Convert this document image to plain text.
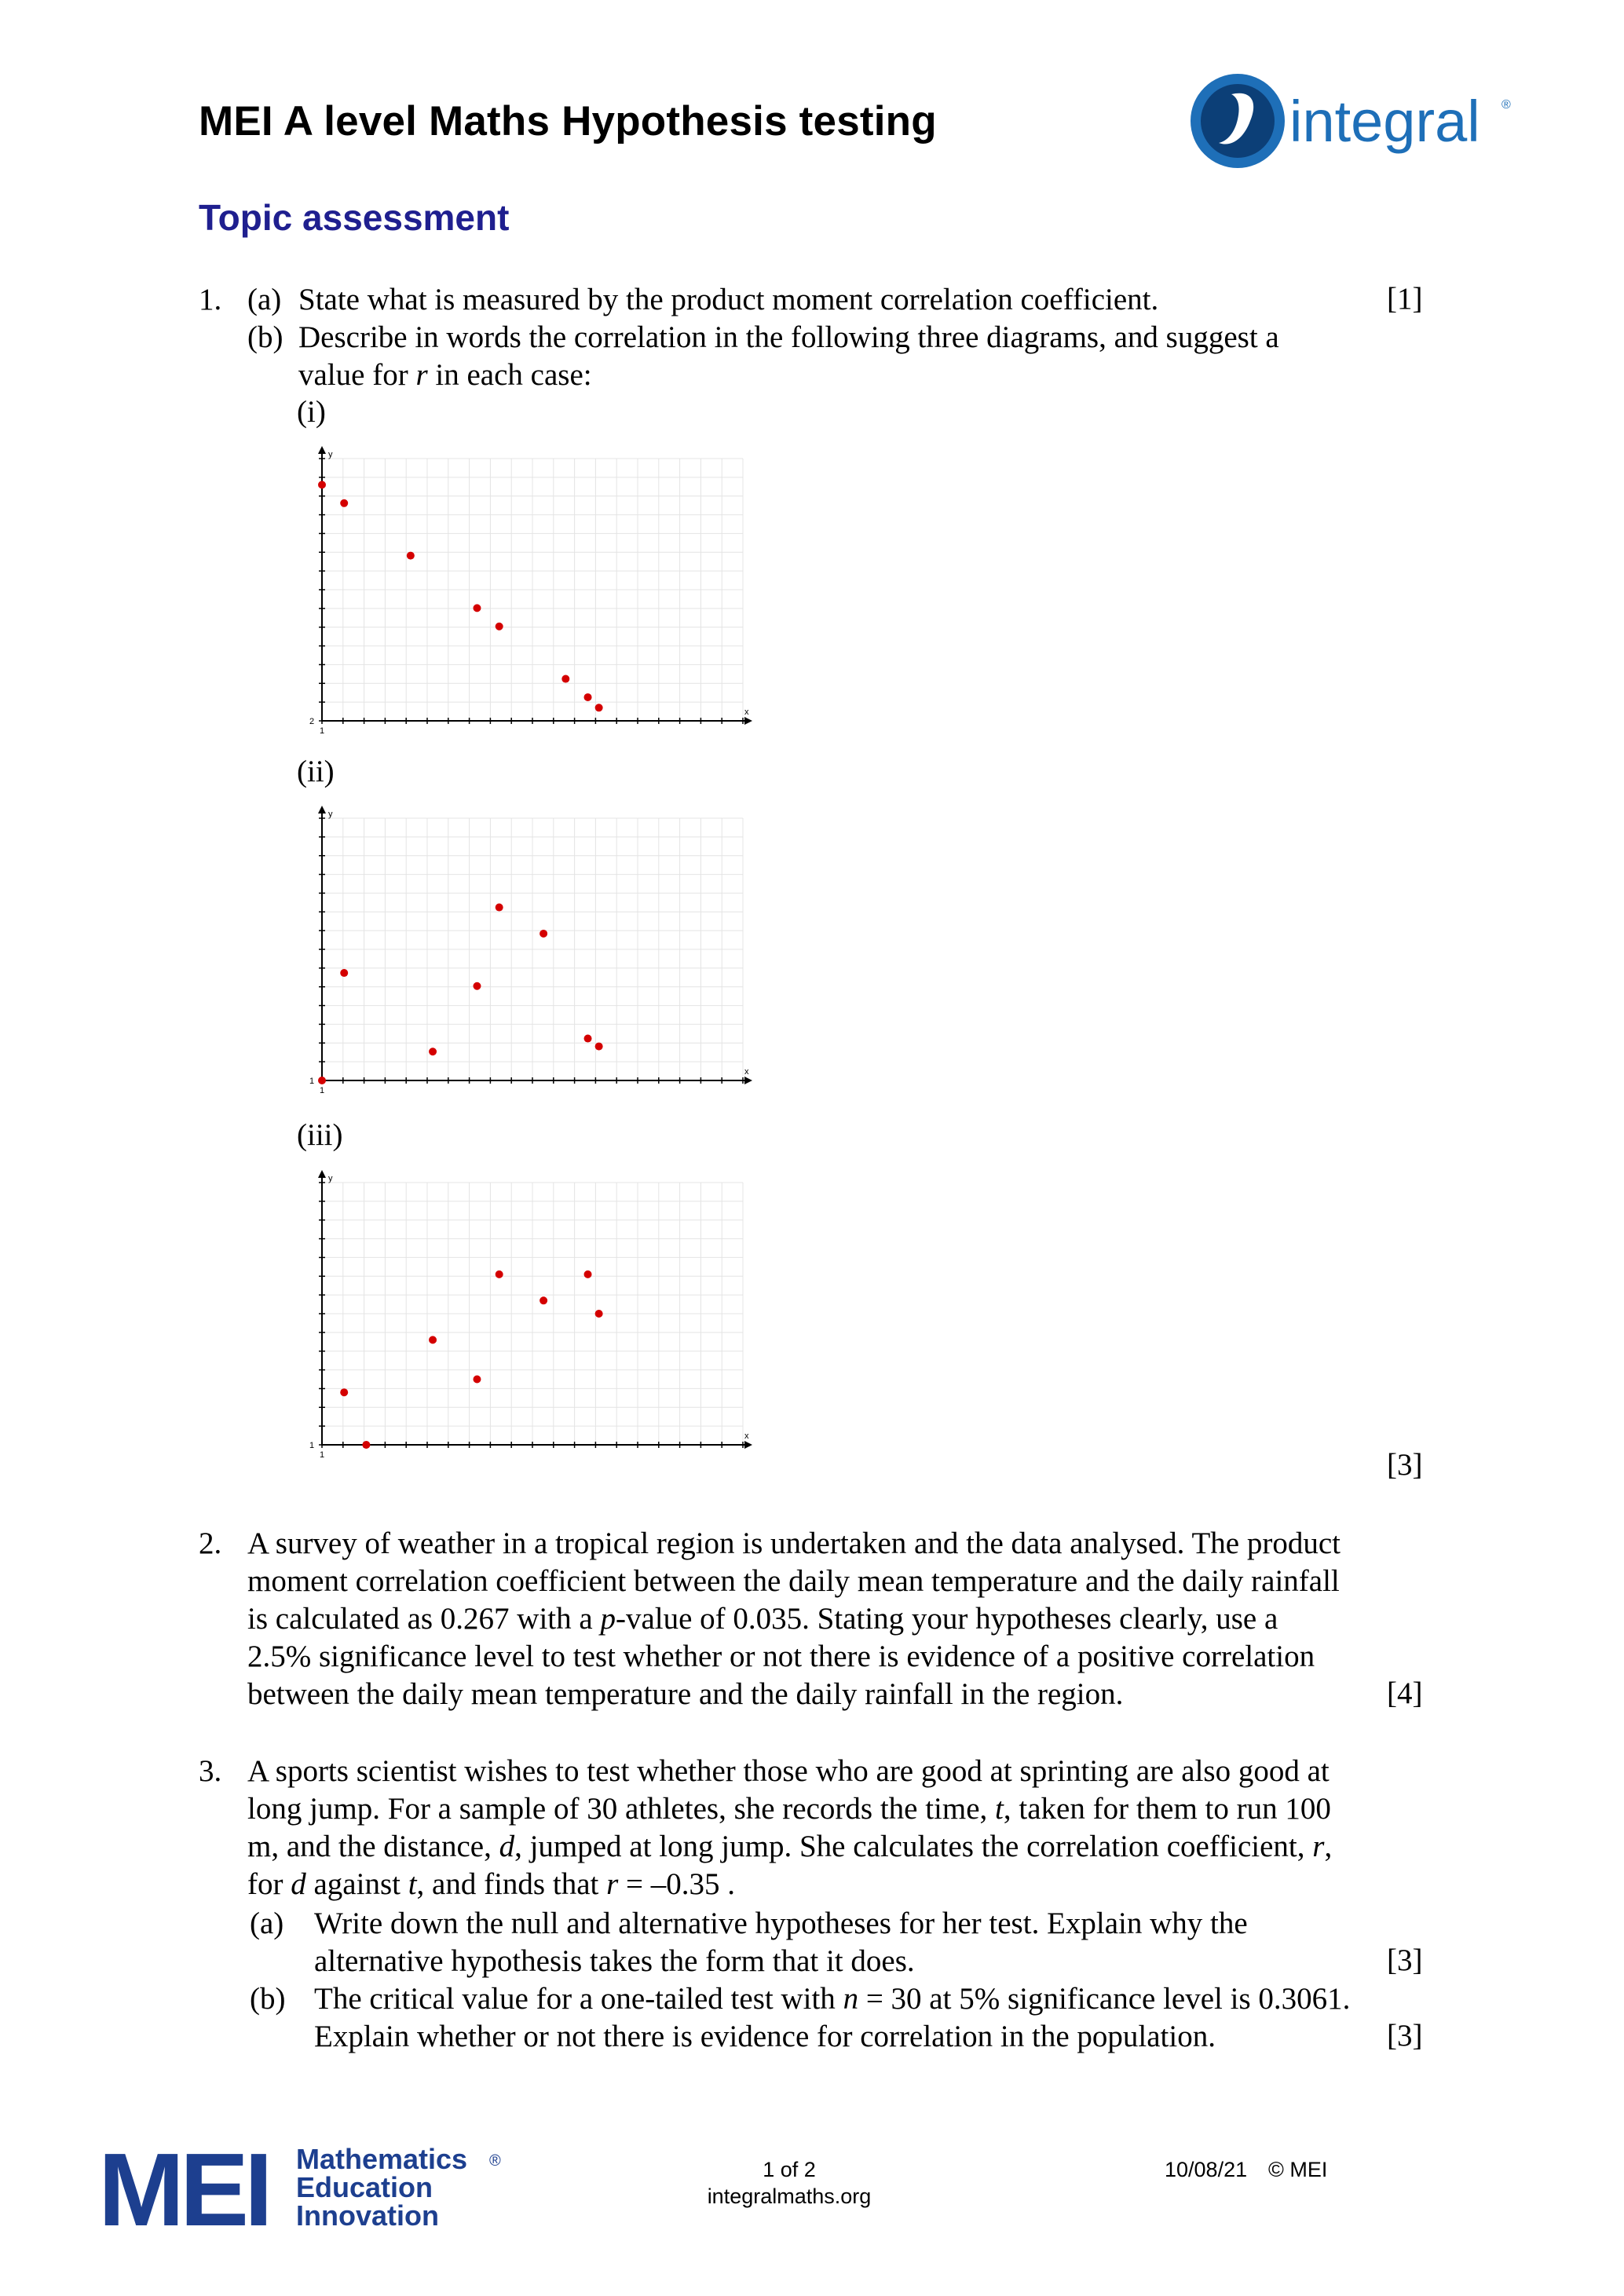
MEI A level Maths Hypothesis testing	integral ®
Topic assessment
1. (a) State what is measured by the product moment correlation coefficient.	[1]
(b) Describe in words the correlation in the following three diagrams, and suggest a
value for r in each case:
(i)
(ii)
(iii)
x
y
1
2
x
y
1
1
x
y
1
1
[3]
2. A survey of weather in a tropical region is undertaken and the data analysed. The product
moment correlation coefficient between the daily mean temperature and the daily rainfall
is calculated as 0.267 with a p-value of 0.035. Stating your hypotheses clearly, use a
2.5% significance level to test whether or not there is evidence of a positive correlation
between the daily mean temperature and the daily rainfall in the region.	[4]
3. A sports scientist wishes to test whether those who are good at sprinting are also good at
long jump. For a sample of 30 athletes, she records the time, t, taken for them to run 100
m, and the distance, d, jumped at long jump. She calculates the correlation coefficient, r,
for d against t, and finds that r = –0.35 .
(a) Write down the null and alternative hypotheses for her test. Explain why the
alternative hypothesis takes the form that it does.	[3]
(b) The critical value for a one-tailed test with n = 30 at 5% significance level is 0.3061.
Explain whether or not there is evidence for correlation in the population.	[3]
MEI Mathematics
Education
Innovation
®	1 of 2
integralmaths.org
10/08/21 © MEI
